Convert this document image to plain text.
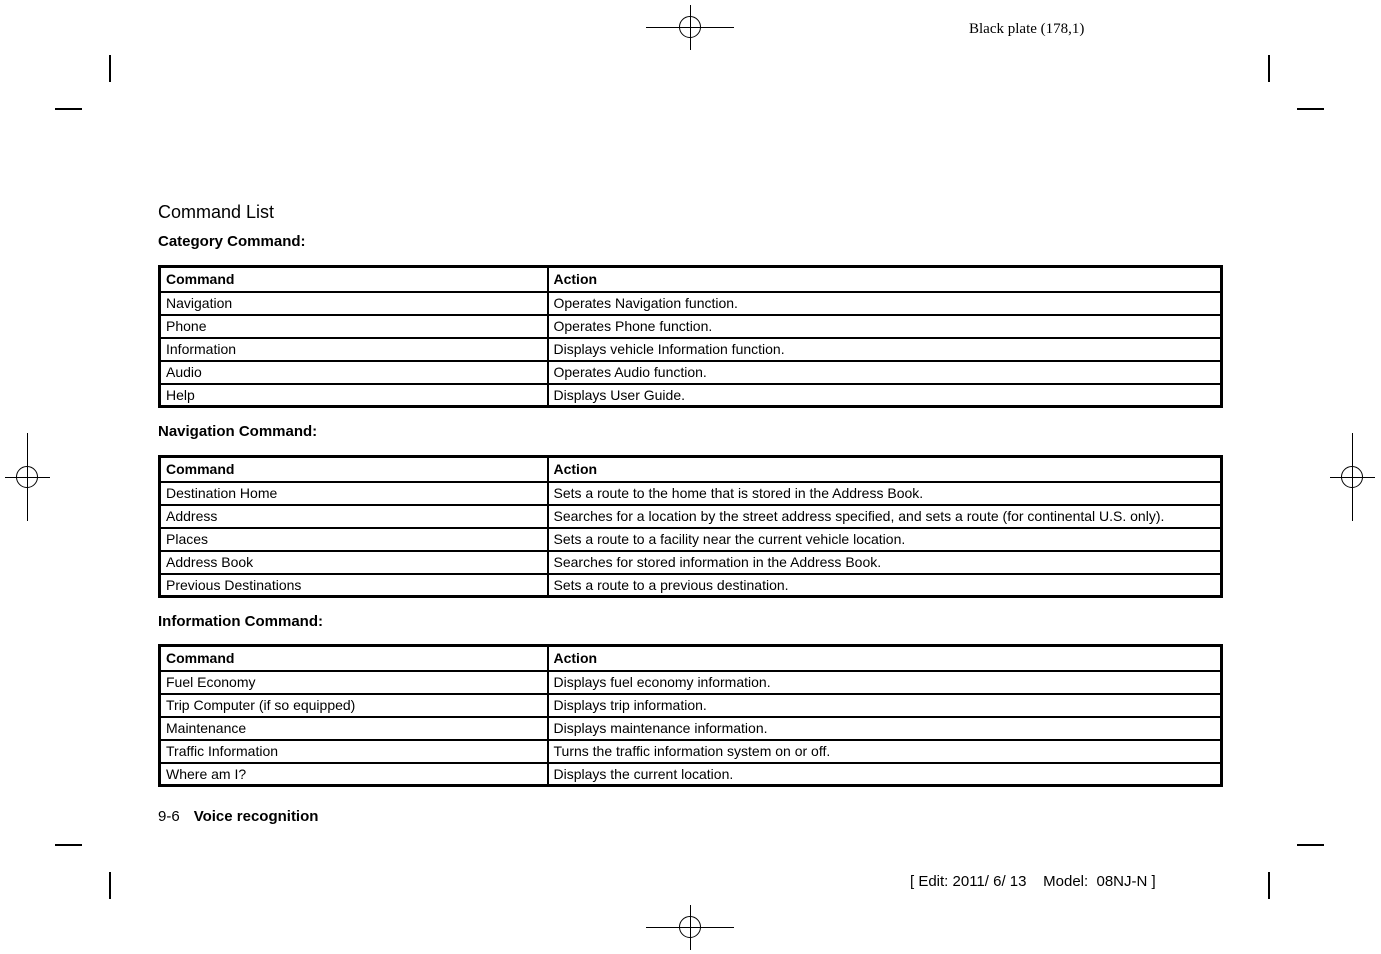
Black plate (178,1)
Command List
Category Command:
Command	Action
Navigation	Operates Navigation function.
Phone	Operates Phone function.
Information	Displays vehicle Information function.
Audio	Operates Audio function.
Help	Displays User Guide.
Navigation Command:
Command	Action
Destination Home	Sets a route to the home that is stored in the Address Book.
Address	Searches for a location by the street address specified, and sets a route (for continental U.S. only).
Places	Sets a route to a facility near the current vehicle location.
Address Book	Searches for stored information in the Address Book.
Previous Destinations	Sets a route to a previous destination.
Information Command:
Command	Action
Fuel Economy	Displays fuel economy information.
Trip Computer (if so equipped)	Displays trip information.
Maintenance	Displays maintenance information.
Traffic Information	Turns the traffic information system on or off.
Where am I?	Displays the current location.
9-6 Voice recognition
[ Edit: 2011/ 6/ 13    Model:  08NJ-N ]
